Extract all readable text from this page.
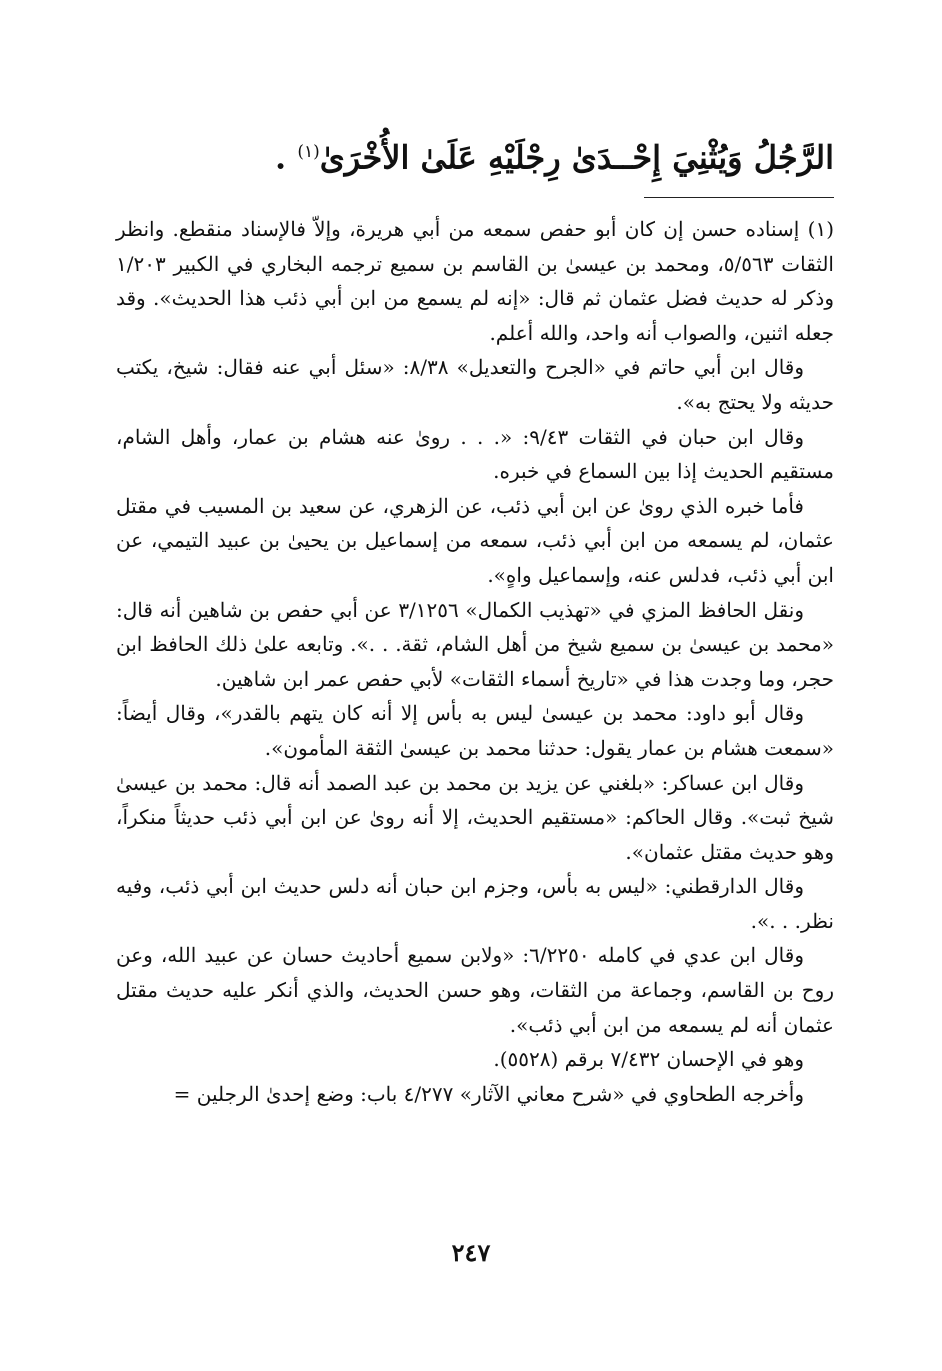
الرَّجُلُ وَيُثْنِيَ إِحْــدَىٰ رِجْلَيْهِ عَلَىٰ الأُخْرَىٰ$^{(١)}$ .

(١) إسناده حسن إن كان أبو حفص سمعه من أبي هريرة، وإلاّ فالإسناد منقطع. وانظر الثقات ٥/٥٦٣، ومحمد بن عيسىٰ بن القاسم بن سميع ترجمه البخاري في الكبير ١/٢٠٣ وذكر له حديث فضل عثمان ثم قال: «إنه لم يسمع من ابن أبي ذئب هذا الحديث». وقد جعله اثنين، والصواب أنه واحد، والله أعلم.

وقال ابن أبي حاتم في «الجرح والتعديل» ٨/٣٨: «سئل أبي عنه فقال: شيخ، يكتب حديثه ولا يحتج به».

وقال ابن حبان في الثقات ٩/٤٣: «. . . روىٰ عنه هشام بن عمار، وأهل الشام، مستقيم الحديث إذا بين السماع في خبره.

فأما خبره الذي روىٰ عن ابن أبي ذئب، عن الزهري، عن سعيد بن المسيب في مقتل عثمان، لم يسمعه من ابن أبي ذئب، سمعه من إسماعيل بن يحيىٰ بن عبيد التيمي، عن ابن أبي ذئب، فدلس عنه، وإسماعيل واهٍ».

ونقل الحافظ المزي في «تهذيب الكمال» ٣/١٢٥٦ عن أبي حفص بن شاهين أنه قال: «محمد بن عيسىٰ بن سميع شيخ من أهل الشام، ثقة. . .». وتابعه علىٰ ذلك الحافظ ابن حجر، وما وجدت هذا في «تاريخ أسماء الثقات» لأبي حفص عمر ابن شاهين.

وقال أبو داود: محمد بن عيسىٰ ليس به بأس إلا أنه كان يتهم بالقدر»، وقال أيضاً: «سمعت هشام بن عمار يقول: حدثنا محمد بن عيسىٰ الثقة المأمون».

وقال ابن عساكر: «بلغني عن يزيد بن محمد بن عبد الصمد أنه قال: محمد بن عيسىٰ شيخ ثبت». وقال الحاكم: «مستقيم الحديث، إلا أنه روىٰ عن ابن أبي ذئب حديثاً منكراً، وهو حديث مقتل عثمان».

وقال الدارقطني: «ليس به بأس، وجزم ابن حبان أنه دلس حديث ابن أبي ذئب، وفيه نظر. . .».

وقال ابن عدي في كامله ٦/٢٢٥٠: «ولابن سميع أحاديث حسان عن عبيد الله، وعن روح بن القاسم، وجماعة من الثقات، وهو حسن الحديث، والذي أنكر عليه حديث مقتل عثمان أنه لم يسمعه من ابن أبي ذئب».

وهو في الإحسان ٧/٤٣٢ برقم (٥٥٢٨).

وأخرجه الطحاوي في «شرح معاني الآثار» ٤/٢٧٧ باب: وضع إحدىٰ الرجلين =

٢٤٧
